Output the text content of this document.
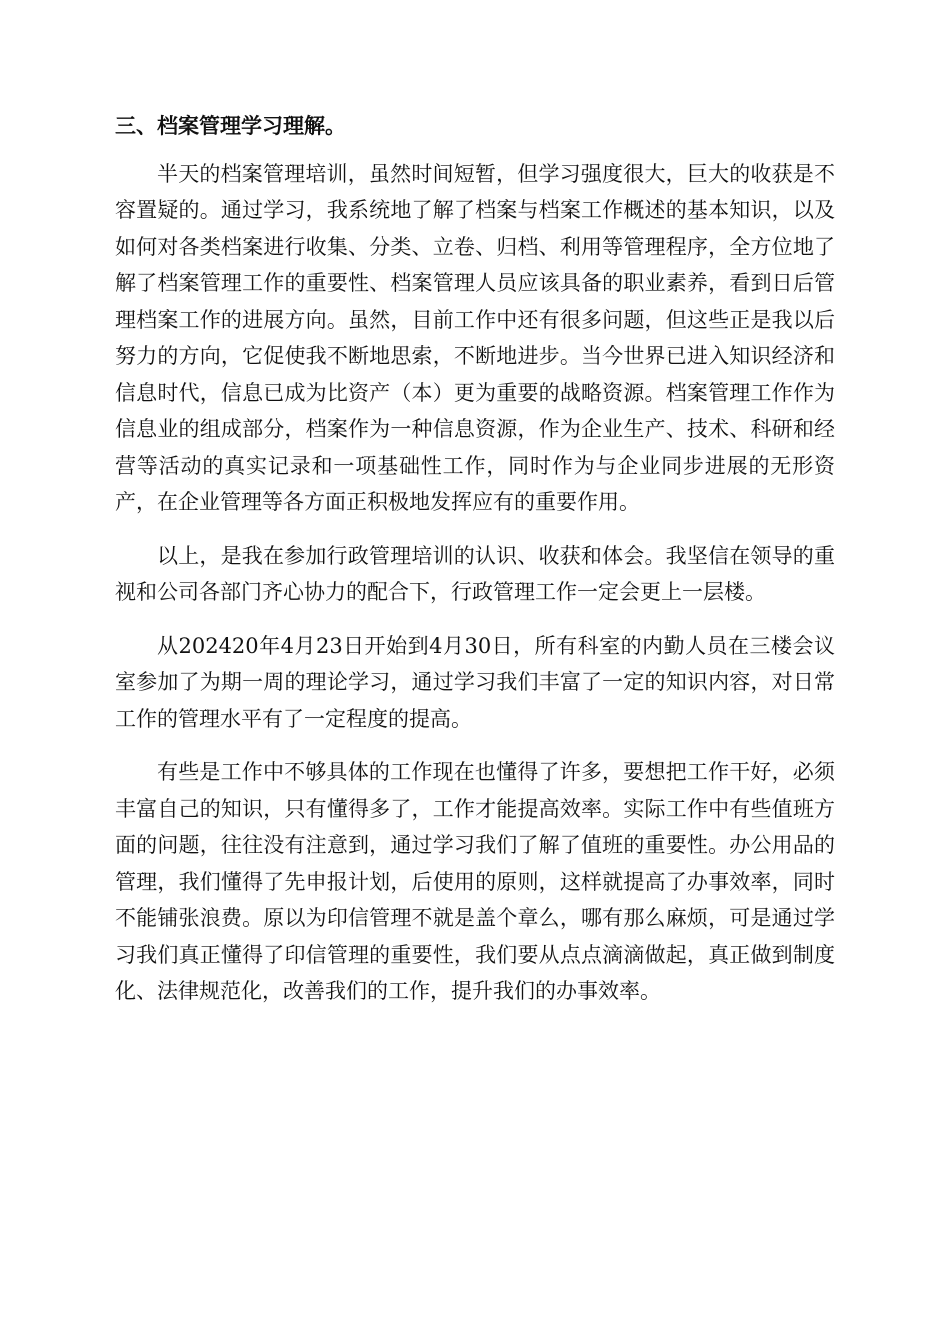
三、档案管理学习理解。

半天的档案管理培训，虽然时间短暂，但学习强度很大，巨大的收获是不容置疑的。通过学习，我系统地了解了档案与档案工作概述的基本知识，以及如何对各类档案进行收集、分类、立卷、归档、利用等管理程序，全方位地了解了档案管理工作的重要性、档案管理人员应该具备的职业素养，看到日后管理档案工作的进展方向。虽然，目前工作中还有很多问题，但这些正是我以后努力的方向，它促使我不断地思索，不断地进步。当今世界已进入知识经济和信息时代，信息已成为比资产（本）更为重要的战略资源。档案管理工作作为信息业的组成部分，档案作为一种信息资源，作为企业生产、技术、科研和经营等活动的真实记录和一项基础性工作，同时作为与企业同步进展的无形资产，在企业管理等各方面正积极地发挥应有的重要作用。

以上，是我在参加行政管理培训的认识、收获和体会。我坚信在领导的重视和公司各部门齐心协力的配合下，行政管理工作一定会更上一层楼。

从202420年4月23日开始到4月30日，所有科室的内勤人员在三楼会议室参加了为期一周的理论学习，通过学习我们丰富了一定的知识内容，对日常工作的管理水平有了一定程度的提高。

有些是工作中不够具体的工作现在也懂得了许多，要想把工作干好，必须丰富自己的知识，只有懂得多了，工作才能提高效率。实际工作中有些值班方面的问题，往往没有注意到，通过学习我们了解了值班的重要性。办公用品的管理，我们懂得了先申报计划，后使用的原则，这样就提高了办事效率，同时不能铺张浪费。原以为印信管理不就是盖个章么，哪有那么麻烦，可是通过学习我们真正懂得了印信管理的重要性，我们要从点点滴滴做起，真正做到制度化、法律规范化，改善我们的工作，提升我们的办事效率。
